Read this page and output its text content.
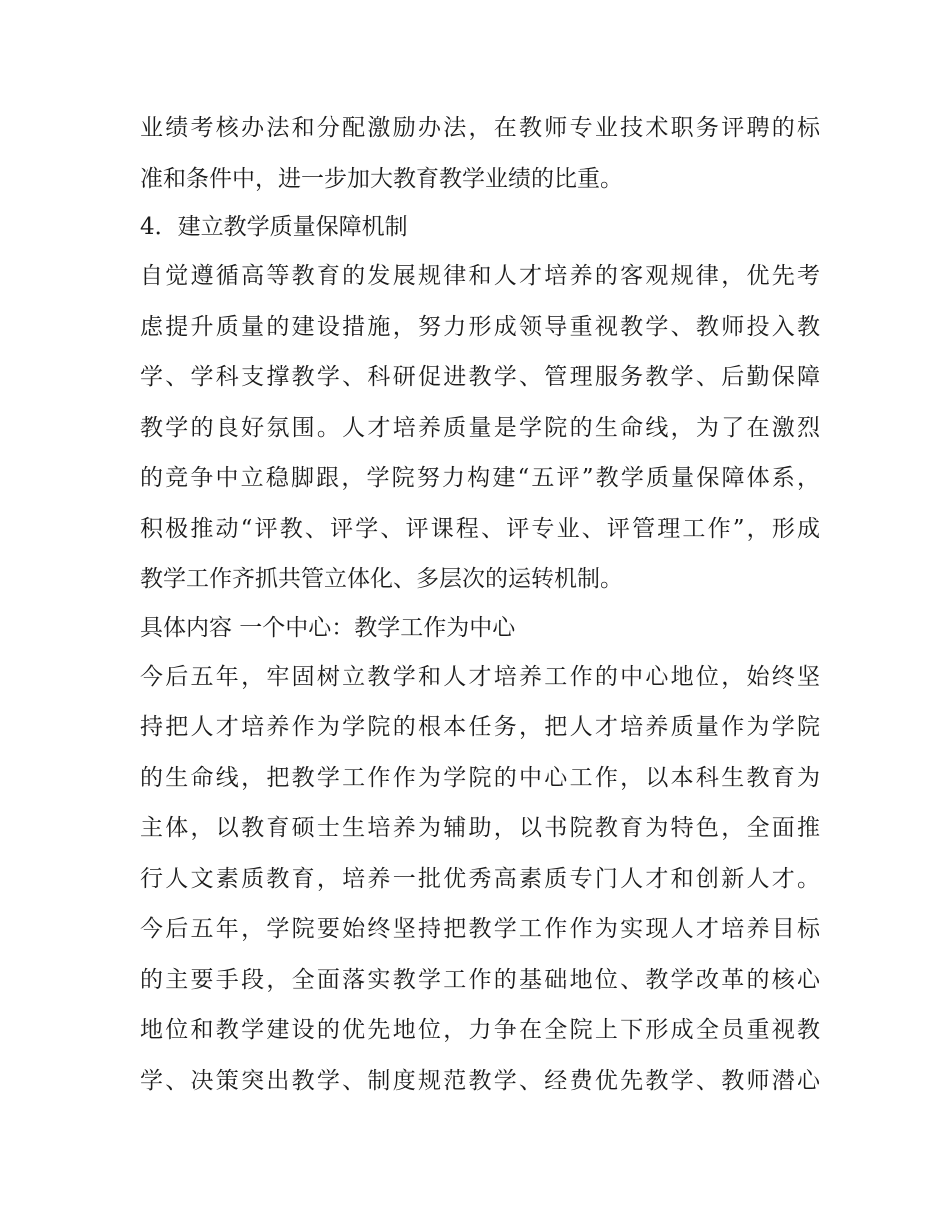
业绩考核办法和分配激励办法，在教师专业技术职务评聘的标
准和条件中，进一步加大教育教学业绩的比重。
4．建立教学质量保障机制
自觉遵循高等教育的发展规律和人才培养的客观规律，优先考
虑提升质量的建设措施，努力形成领导重视教学、教师投入教
学、学科支撑教学、科研促进教学、管理服务教学、后勤保障
教学的良好氛围。人才培养质量是学院的生命线，为了在激烈
的竞争中立稳脚跟，学院努力构建“五评”教学质量保障体系，
积极推动“评教、评学、评课程、评专业、评管理工作”，形成
教学工作齐抓共管立体化、多层次的运转机制。
具体内容 一个中心：教学工作为中心
今后五年，牢固树立教学和人才培养工作的中心地位，始终坚
持把人才培养作为学院的根本任务，把人才培养质量作为学院
的生命线，把教学工作作为学院的中心工作，以本科生教育为
主体，以教育硕士生培养为辅助，以书院教育为特色，全面推
行人文素质教育，培养一批优秀高素质专门人才和创新人才。
今后五年，学院要始终坚持把教学工作作为实现人才培养目标
的主要手段，全面落实教学工作的基础地位、教学改革的核心
地位和教学建设的优先地位，力争在全院上下形成全员重视教
学、决策突出教学、制度规范教学、经费优先教学、教师潜心
